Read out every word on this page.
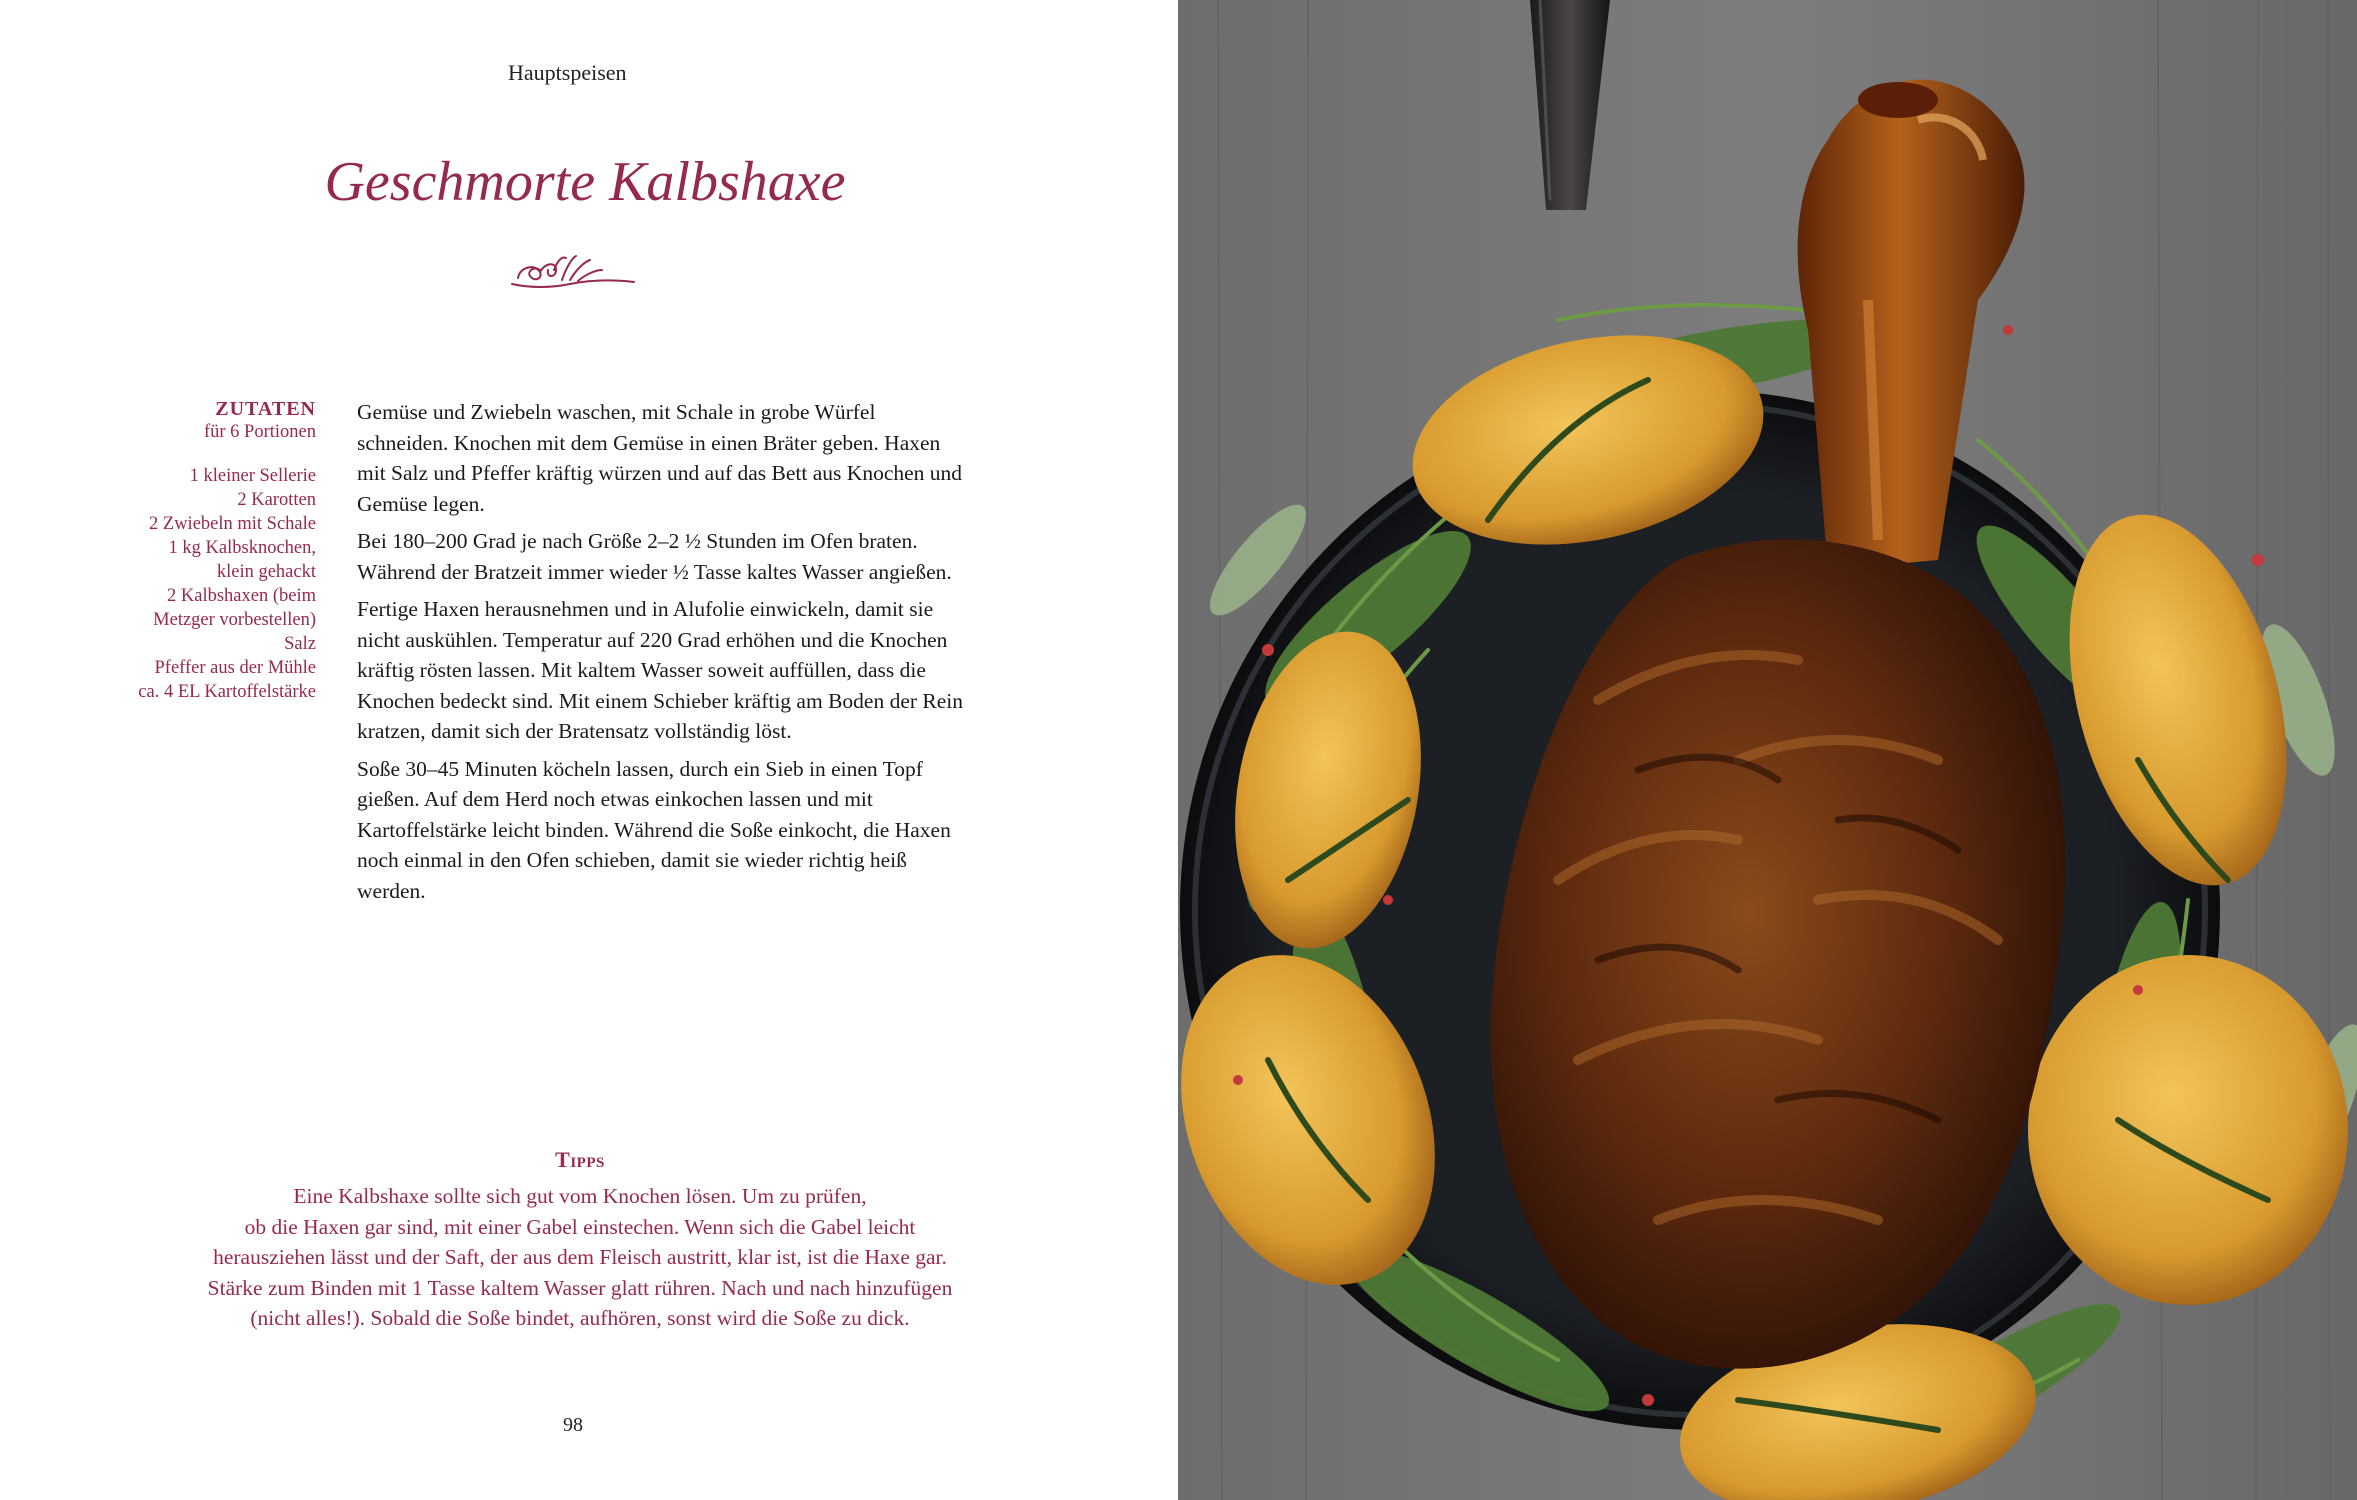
Hauptspeisen
Geschmorte Kalbshaxe
ZUTATEN
für 6 Portionen
1 kleiner Sellerie
2 Karotten
2 Zwiebeln mit Schale
1 kg Kalbsknochen,
klein gehackt
2 Kalbshaxen (beim
Metzger vorbestellen)
Salz
Pfeffer aus der Mühle
ca. 4 EL Kartoffelstärke

Gemüse und Zwiebeln waschen, mit Schale in grobe Würfel schneiden. Knochen mit dem Gemüse in einen Bräter geben. Haxen mit Salz und Pfeffer kräftig würzen und auf das Bett aus Knochen und Gemüse legen.

Bei 180–200 Grad je nach Größe 2–2 ½ Stunden im Ofen braten. Während der Bratzeit immer wieder ½ Tasse kaltes Wasser angießen.

Fertige Haxen herausnehmen und in Alufolie einwickeln, damit sie nicht auskühlen. Temperatur auf 220 Grad erhöhen und die Knochen kräftig rösten lassen. Mit kaltem Wasser soweit auffüllen, dass die Knochen bedeckt sind. Mit einem Schieber kräftig am Boden der Rein kratzen, damit sich der Bratensatz vollständig löst.

Soße 30–45 Minuten köcheln lassen, durch ein Sieb in einen Topf gießen. Auf dem Herd noch etwas einkochen lassen und mit Kartoffelstärke leicht binden. Während die Soße einkocht, die Haxen noch einmal in den Ofen schieben, damit sie wieder richtig heiß werden.

Tipps
Eine Kalbshaxe sollte sich gut vom Knochen lösen. Um zu prüfen,
ob die Haxen gar sind, mit einer Gabel einstechen. Wenn sich die Gabel leicht
herausziehen lässt und der Saft, der aus dem Fleisch austritt, klar ist, ist die Haxe gar.
Stärke zum Binden mit 1 Tasse kaltem Wasser glatt rühren. Nach und nach hinzufügen
(nicht alles!). Sobald die Soße bindet, aufhören, sonst wird die Soße zu dick.
98
